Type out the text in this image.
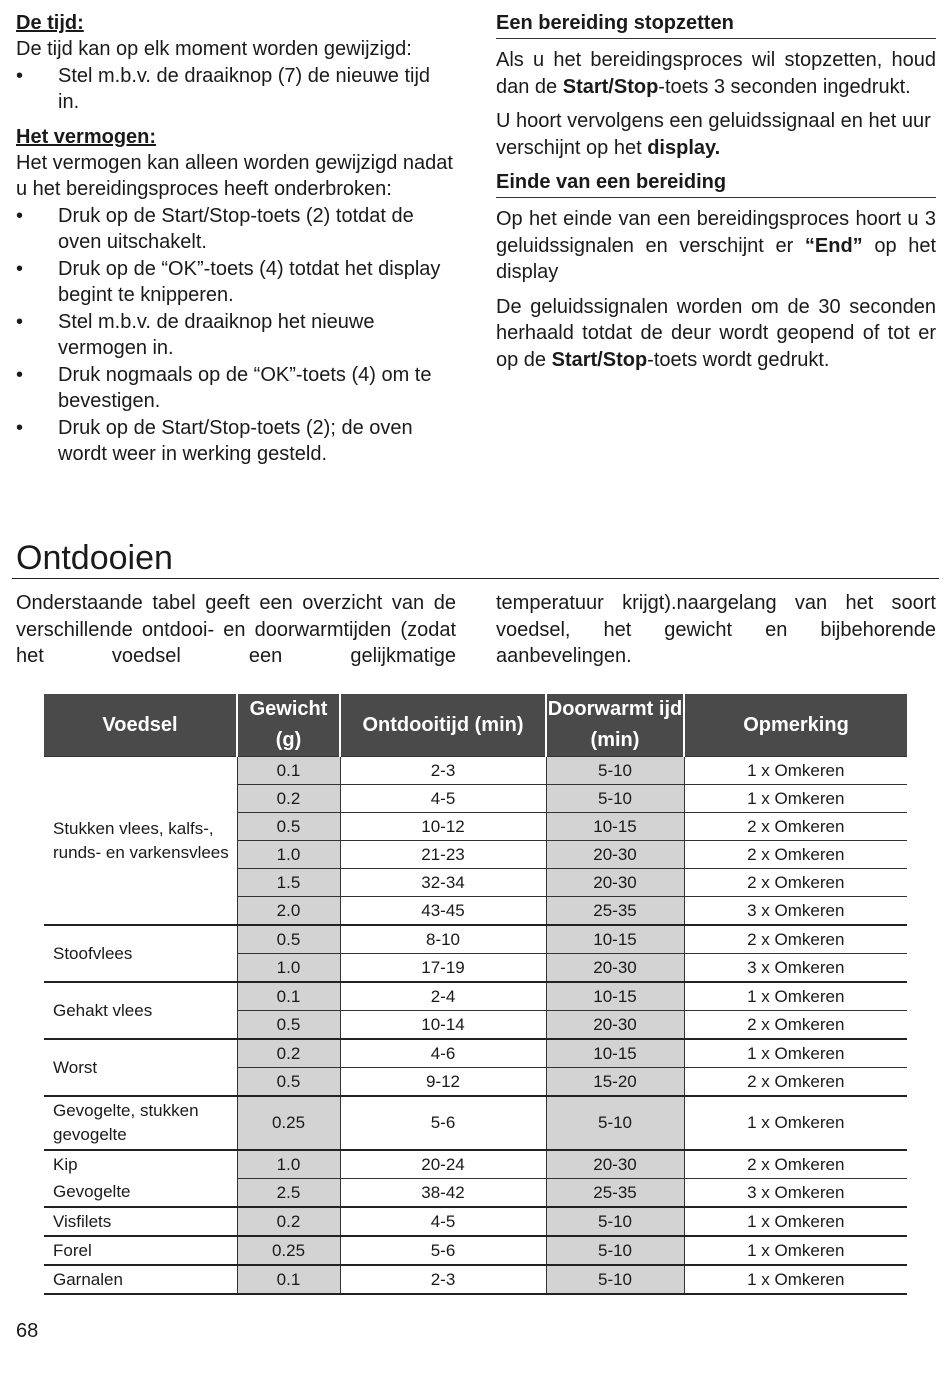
De tijd:

De tijd kan op elk moment worden gewijzigd:

• Stel m.b.v. de draaiknop (7) de nieuwe tijd in.

Het vermogen:

Het vermogen kan alleen worden gewijzigd nadat u het bereidingsproces heeft onderbroken:

• Druk op de Start/Stop-toets (2) totdat de oven uitschakelt.
• Druk op de “OK”-toets (4) totdat het display begint te knipperen.
• Stel m.b.v. de draaiknop het nieuwe vermogen in.
• Druk nogmaals op de “OK”-toets (4) om te bevestigen.
• Druk op de Start/Stop-toets (2); de oven wordt weer in werking gesteld.
Een bereiding stopzetten

Als u het bereidingsproces wil stopzetten, houd dan de Start/Stop-toets 3 seconden ingedrukt.

U hoort vervolgens een geluidssignaal en het uur verschijnt op het display.

Einde van een bereiding

Op het einde van een bereidingsproces hoort u 3 geluidssignalen en verschijnt er “End” op het display

De geluidssignalen worden om de 30 seconden herhaald totdat de deur wordt geopend of tot er op de Start/Stop-toets wordt gedrukt.

Ontdooien
Onderstaande tabel geeft een overzicht van de verschillende ontdooi- en doorwarmtijden (zodat het voedsel een gelijkmatige
temperatuur krijgt).naargelang van het soort voedsel, het gewicht en bijbehorende aanbevelingen.
Voedsel	Gewicht (g)	Ontdooitijd (min)	Doorwarmt ijd (min)	Opmerking
Stukken vlees, kalfs-, runds- en varkensvlees	0.1	2-3	5-10	1 x Omkeren
	0.2	4-5	5-10	1 x Omkeren
	0.5	10-12	10-15	2 x Omkeren
	1.0	21-23	20-30	2 x Omkeren
	1.5	32-34	20-30	2 x Omkeren
	2.0	43-45	25-35	3 x Omkeren
Stoofvlees	0.5	8-10	10-15	2 x Omkeren
	1.0	17-19	20-30	3 x Omkeren
Gehakt vlees	0.1	2-4	10-15	1 x Omkeren
	0.5	10-14	20-30	2 x Omkeren
Worst	0.2	4-6	10-15	1 x Omkeren
	0.5	9-12	15-20	2 x Omkeren
Gevogelte, stukken gevogelte	0.25	5-6	5-10	1 x Omkeren
Kip	1.0	20-24	20-30	2 x Omkeren
Gevogelte	2.5	38-42	25-35	3 x Omkeren
Visfilets	0.2	4-5	5-10	1 x Omkeren
Forel	0.25	5-6	5-10	1 x Omkeren
Garnalen	0.1	2-3	5-10	1 x Omkeren
68
